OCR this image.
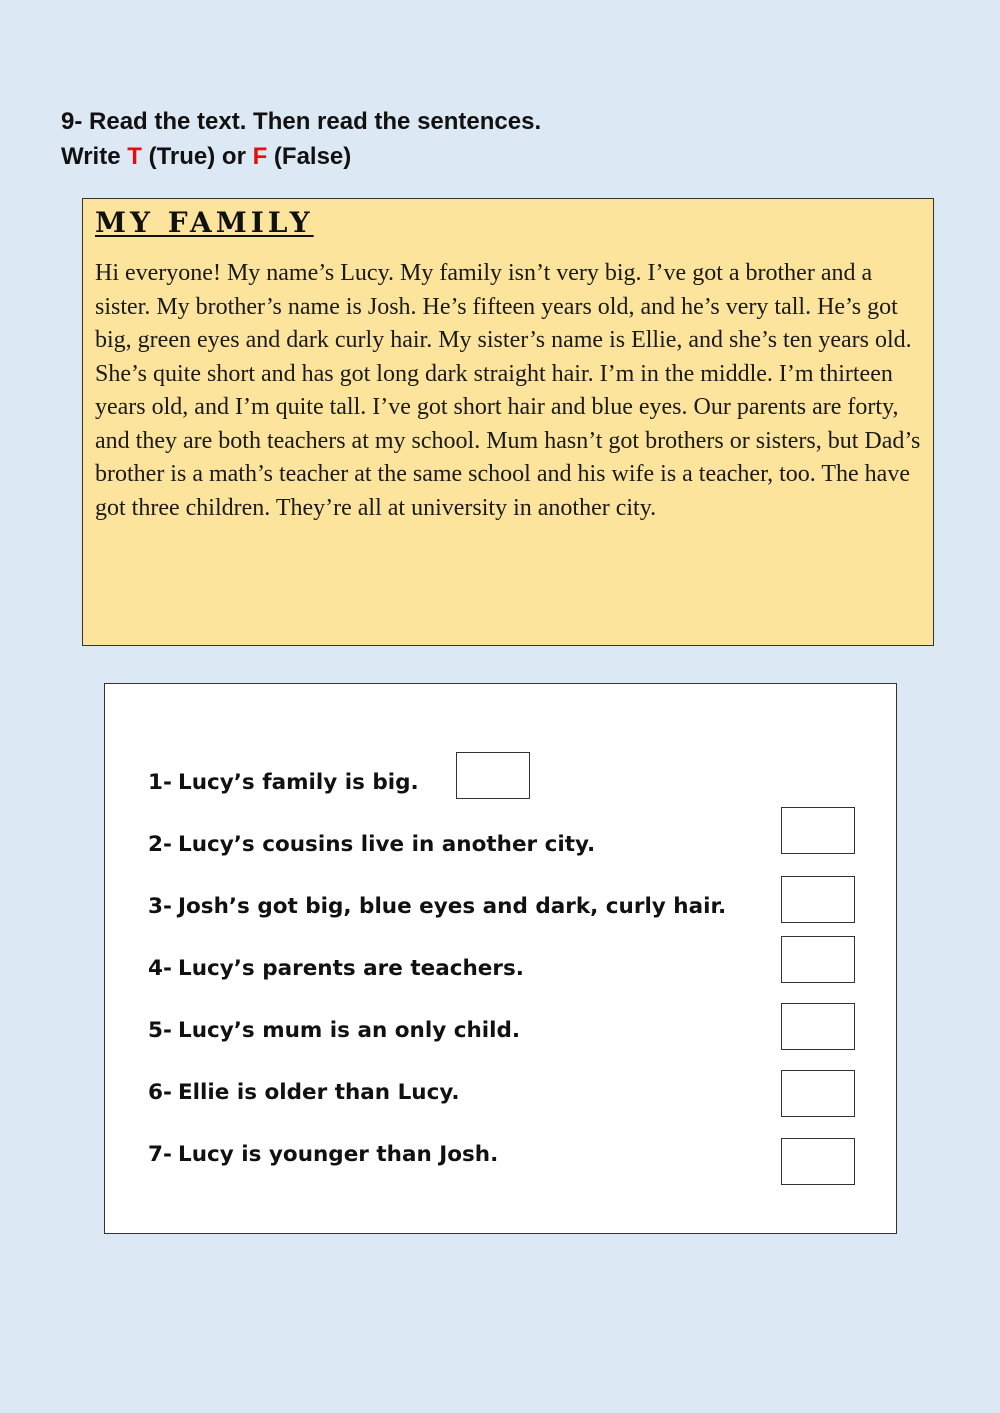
9- Read the text. Then read the sentences.
Write T (True) or F (False)
MY FAMILY

Hi everyone! My name’s Lucy. My family isn’t very big. I’ve got a brother and a sister. My brother’s name is Josh. He’s fifteen years old, and he’s very tall. He’s got big, green eyes and dark curly hair. My sister’s name is Ellie, and she’s ten years old. She’s quite short and has got long dark straight hair. I’m in the middle. I’m thirteen years old, and I’m quite tall. I’ve got short hair and blue eyes. Our parents are forty, and they are both teachers at my school. Mum hasn’t got brothers or sisters, but Dad’s brother is a math’s teacher at the same school and his wife is a teacher, too. The have got three children. They’re all at university in another city.

1- Lucy’s family is big.
2- Lucy’s cousins live in another city.
3- Josh’s got big, blue eyes and dark, curly hair.
4- Lucy’s parents are teachers.
5- Lucy’s mum is an only child.
6- Ellie is older than Lucy.
7- Lucy is younger than Josh.
